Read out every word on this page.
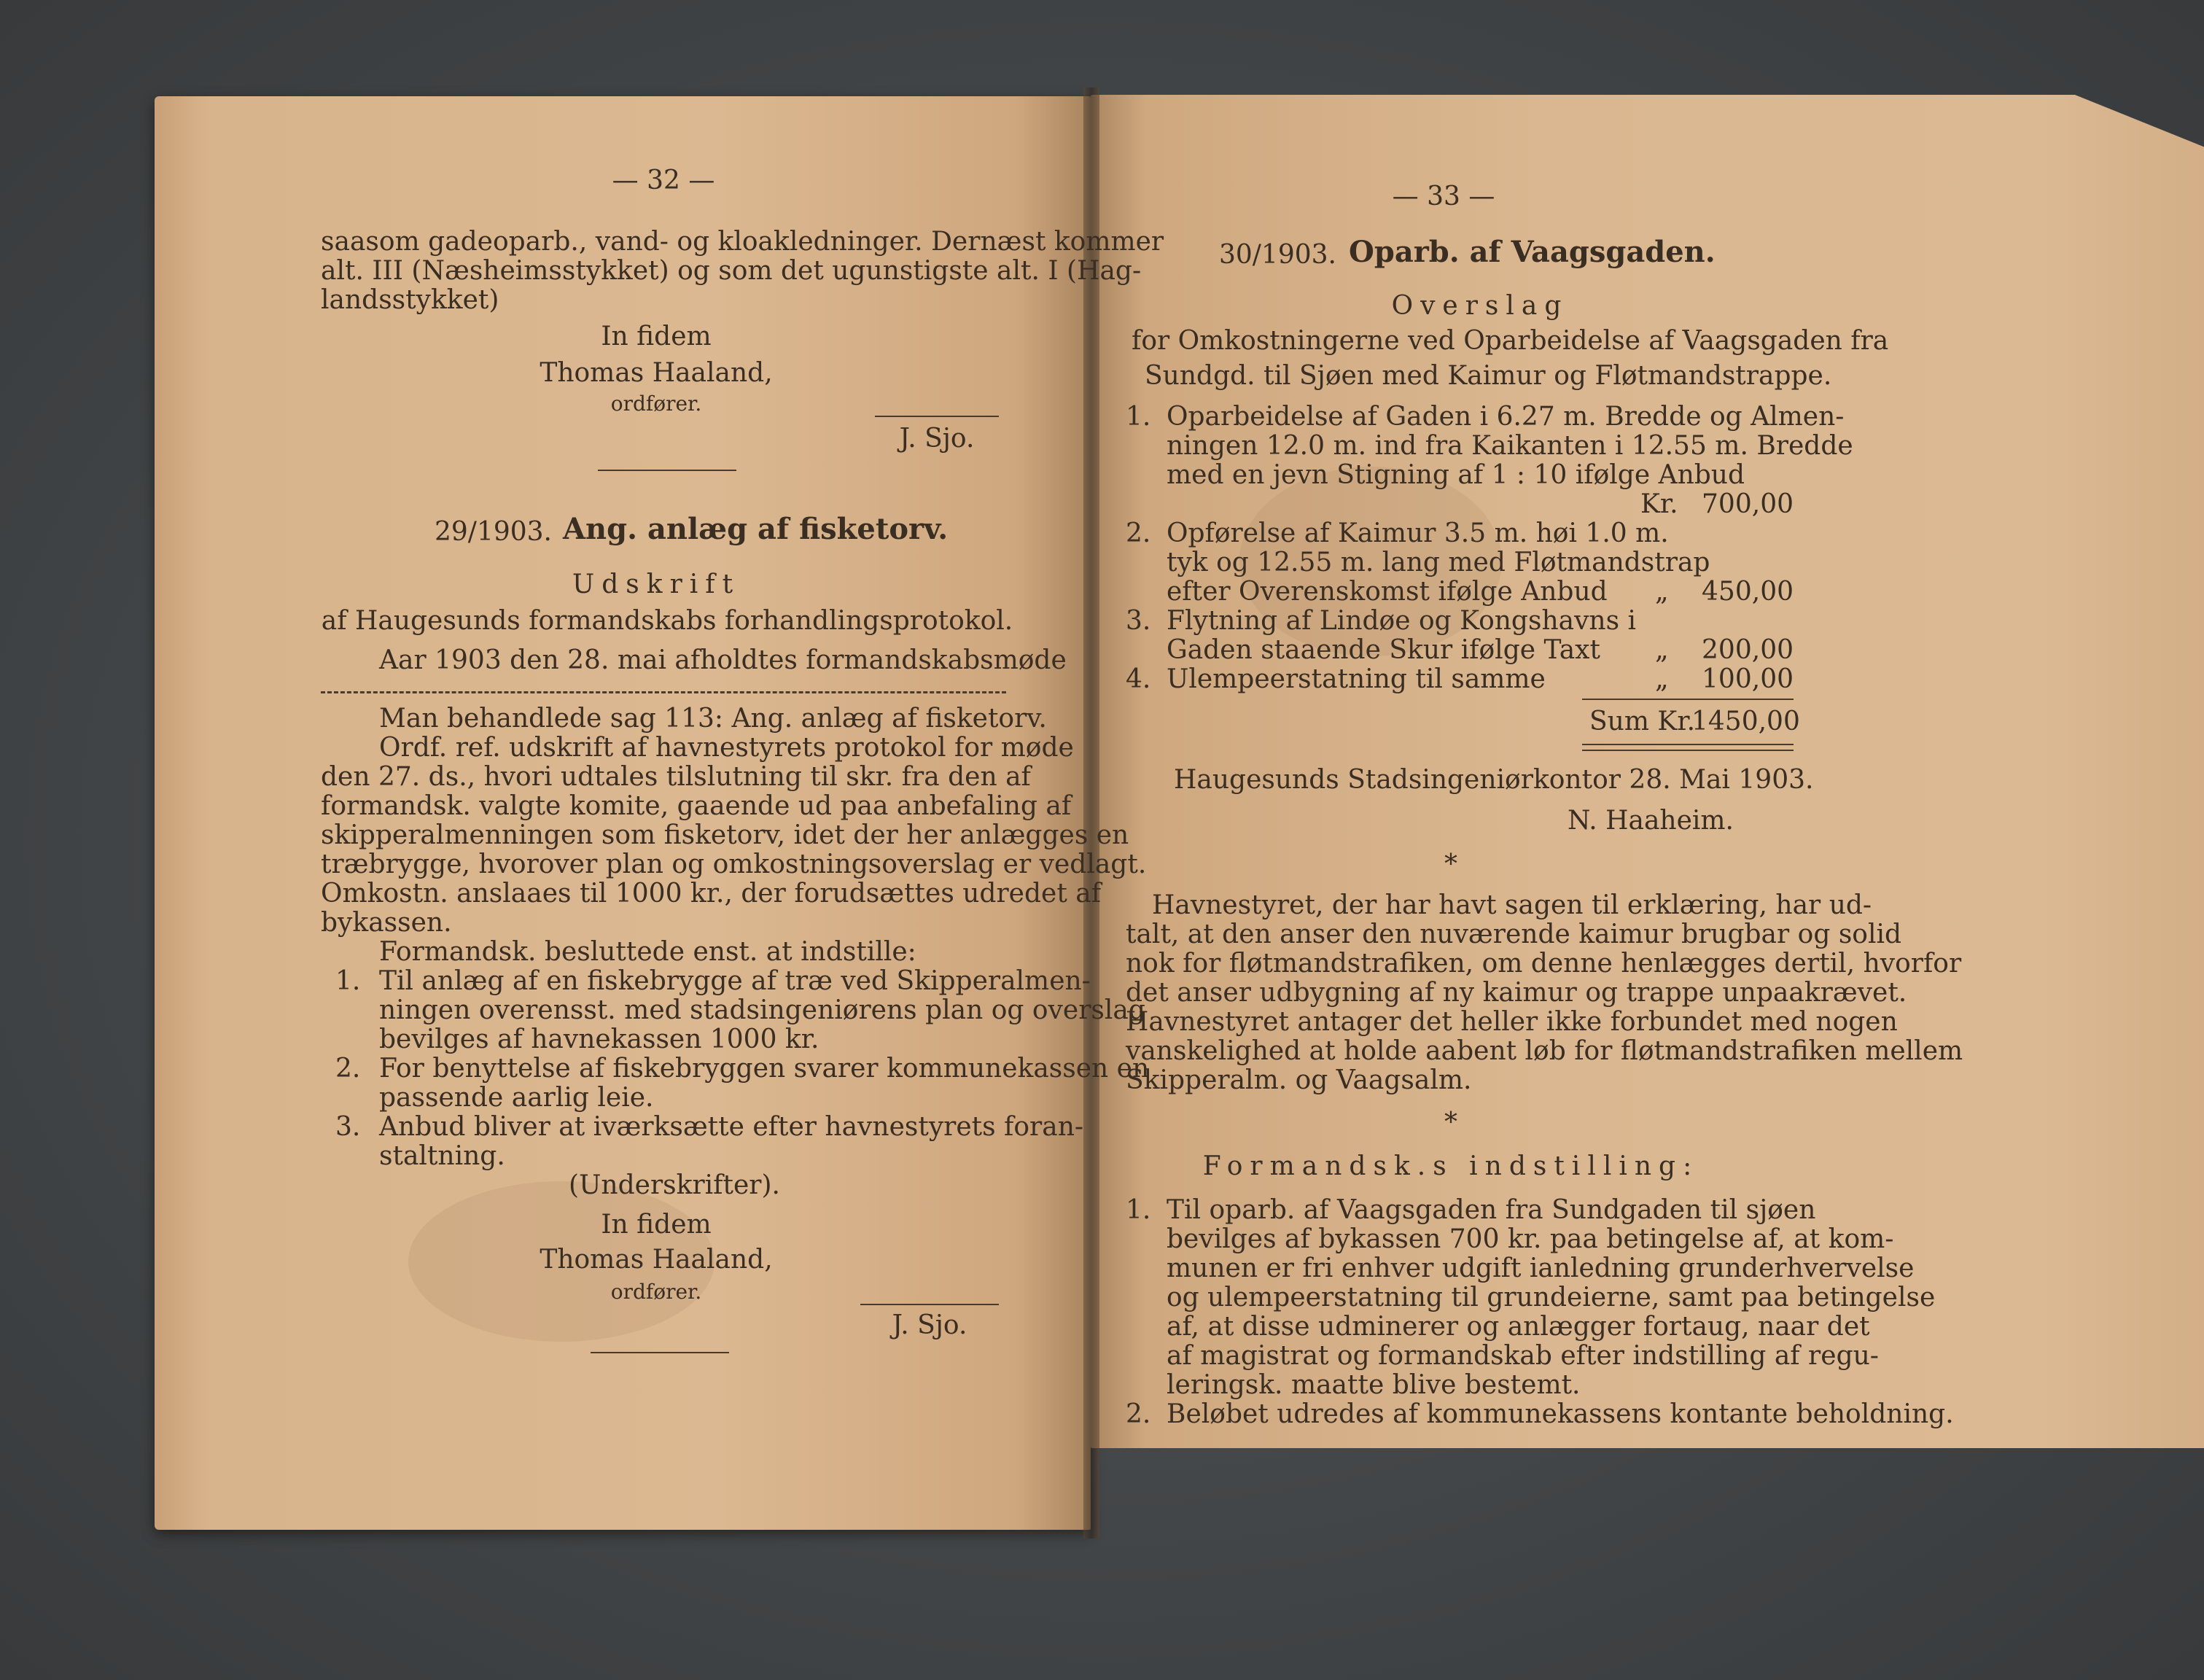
— 32 —
saasom gadeoparb., vand- og kloakledninger. Dernæst kommer
alt. III (Næsheimsstykket) og som det ugunstigste alt. I (Hag-
landsstykket)
In fidem
Thomas Haaland,
ordfører.
J. Sjo.
29/1903. Ang. anlæg af fisketorv.
Udskrift
af Haugesunds formandskabs forhandlingsprotokol.
Aar 1903 den 28. mai afholdtes formandskabsmøde
Man behandlede sag 113: Ang. anlæg af fisketorv.
Ordf. ref. udskrift af havnestyrets protokol for møde
den 27. ds., hvori udtales tilslutning til skr. fra den af
formandsk. valgte komite, gaaende ud paa anbefaling af
skipperalmenningen som fisketorv, idet der her anlægges en
træbrygge, hvorover plan og omkostningsoverslag er vedlagt.
Omkostn. anslaaes til 1000 kr., der forudsættes udredet af
bykassen.
Formandsk. besluttede enst. at indstille:
1. Til anlæg af en fiskebrygge af træ ved Skipperalmen-
ningen overensst. med stadsingeniørens plan og overslag
bevilges af havnekassen 1000 kr.
2. For benyttelse af fiskebryggen svarer kommunekassen en
passende aarlig leie.
3. Anbud bliver at iværksætte efter havnestyrets foran-
staltning.
(Underskrifter).
In fidem
Thomas Haaland,
ordfører.
J. Sjo.
— 33 —
30/1903. Oparb. af Vaagsgaden.
Overslag
for Omkostningerne ved Oparbeidelse af Vaagsgaden fra
Sundgd. til Sjøen med Kaimur og Fløtmandstrappe.
1. Oparbeidelse af Gaden i 6.27 m. Bredde og Almen-
ningen 12.0 m. ind fra Kaikanten i 12.55 m. Bredde
med en jevn Stigning af 1 : 10 ifølge Anbud
Kr. 700,00
2. Opførelse af Kaimur 3.5 m. høi 1.0 m.
tyk og 12.55 m. lang med Fløtmandstrap
efter Overenskomst ifølge Anbud „	450,00
3. Flytning af Lindøe og Kongshavns i
Gaden staaende Skur ifølge Taxt „	200,00
4. Ulempeerstatning til samme	„	100,00
Sum Kr.
1450,00
Haugesunds Stadsingeniørkontor 28. Mai 1903.
N. Haaheim.
*
Havnestyret, der har havt sagen til erklæring, har ud-
talt, at den anser den nuværende kaimur brugbar og solid
nok for fløtmandstrafiken, om denne henlægges dertil, hvorfor
det anser udbygning af ny kaimur og trappe unpaakrævet.
Havnestyret antager det heller ikke forbundet med nogen
vanskelighed at holde aabent løb for fløtmandstrafiken mellem
Skipperalm. og Vaagsalm.
*
Formandsk.s indstilling:
1. Til oparb. af Vaagsgaden fra Sundgaden til sjøen
bevilges af bykassen 700 kr. paa betingelse af, at kom-
munen er fri enhver udgift ianledning grunderhvervelse
og ulempeerstatning til grundeierne, samt paa betingelse
af, at disse udminerer og anlægger fortaug, naar det
af magistrat og formandskab efter indstilling af regu-
leringsk. maatte blive bestemt.
2. Beløbet udredes af kommunekassens kontante beholdning.
